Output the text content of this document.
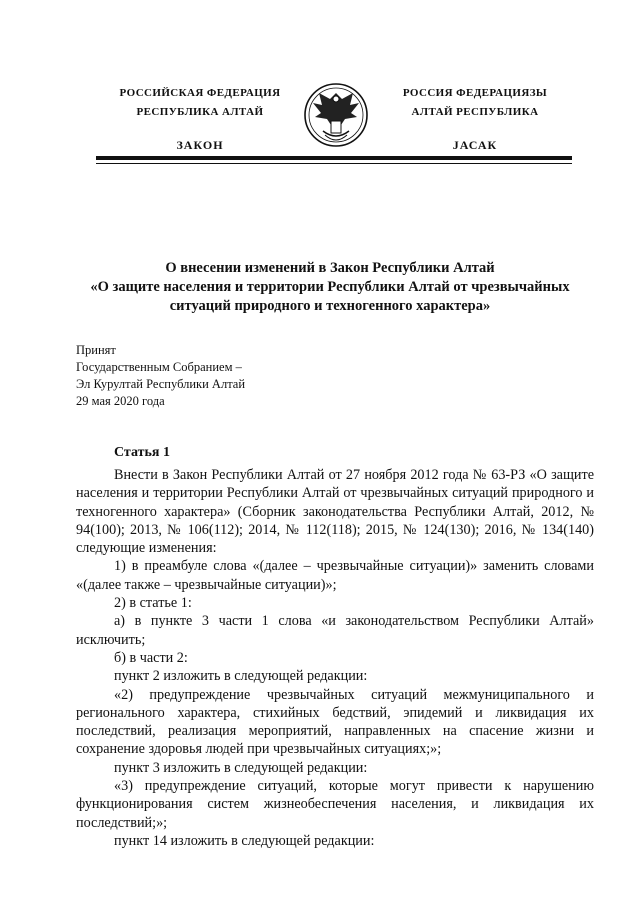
РОССИЙСКАЯ ФЕДЕРАЦИЯ
РЕСПУБЛИКА АЛТАЙ
ЗАКОН
РОССИЯ ФЕДЕРАЦИЯЗЫ
АЛТАЙ РЕСПУБЛИКА
JАСАК
О внесении изменений в Закон Республики Алтай
«О защите населения и территории Республики Алтай от чрезвычайных
ситуаций природного и техногенного характера»
Принят
Государственным Собранием –
Эл Курултай Республики Алтай
29 мая 2020 года
Статья 1

Внести в Закон Республики Алтай от 27 ноября 2012 года № 63-РЗ «О защите населения и территории Республики Алтай от чрезвычайных ситуаций природного и техногенного характера» (Сборник законодательства Республики Алтай, 2012, № 94(100); 2013, № 106(112); 2014, № 112(118); 2015, № 124(130); 2016, № 134(140) следующие изменения:

1) в преамбуле слова «(далее – чрезвычайные ситуации)» заменить словами «(далее также – чрезвычайные ситуации)»;

2) в статье 1:

а) в пункте 3 части 1 слова «и законодательством Республики Алтай» исключить;

б) в части 2:

пункт 2 изложить в следующей редакции:

«2) предупреждение чрезвычайных ситуаций межмуниципального и регионального характера, стихийных бедствий, эпидемий и ликвидация их последствий, реализация мероприятий, направленных на спасение жизни и сохранение здоровья людей при чрезвычайных ситуациях;»;

пункт 3 изложить в следующей редакции:

«3) предупреждение ситуаций, которые могут привести к нарушению функционирования систем жизнеобеспечения населения, и ликвидация их последствий;»;

пункт 14 изложить в следующей редакции:
